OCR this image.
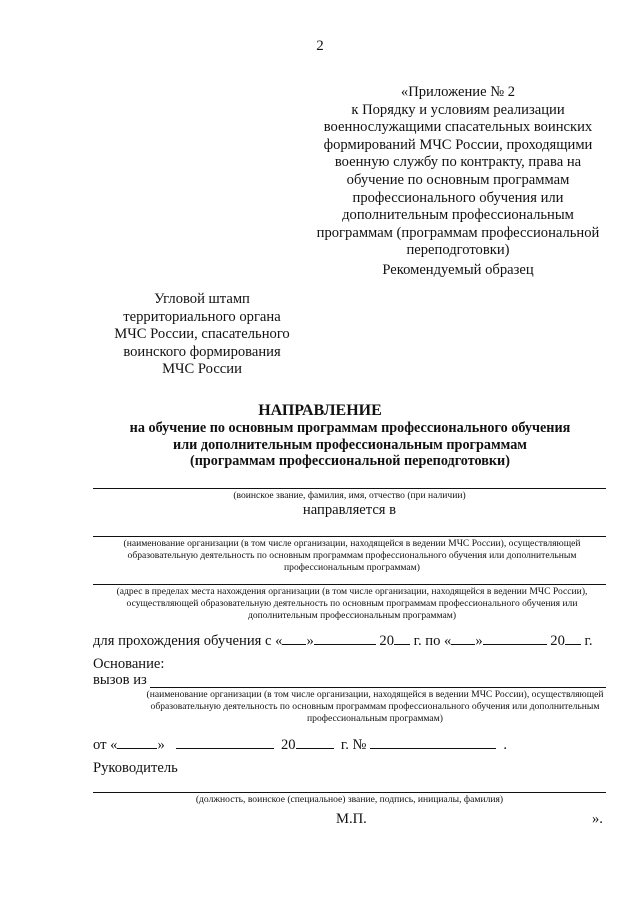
2
«Приложение № 2
к Порядку и условиям реализации
военнослужащими спасательных воинских
формирований МЧС России, проходящими
военную службу по контракту, права на
обучение по основным программам
профессионального обучения или
дополнительным профессиональным
программам (программам профессиональной
переподготовки)
Рекомендуемый образец
Угловой штамп
территориального органа
МЧС России, спасательного
воинского формирования
МЧС России
НАПРАВЛЕНИЕ
на обучение по основным программам профессионального обучения
или дополнительным профессиональным программам
(программам профессиональной переподготовки)
(воинское звание, фамилия, имя, отчество (при наличии)
направляется в
(наименование организации (в том числе организации, находящейся в ведении МЧС России), осуществляющей образовательную деятельность по основным программам профессионального обучения или дополнительным профессиональным программам)
(адрес в пределах места нахождения организации (в том числе организации, находящейся в ведении МЧС России), осуществляющей образовательную деятельность по основным программам профессионального обучения или дополнительным профессиональным программам)
для прохождения обучения с « »	20 г. по « »	20 г.
Основание:
вызов из
(наименование организации (в том числе организации, находящейся в ведении МЧС России), осуществляющей образовательную деятельность по основным программам профессионального обучения или дополнительным профессиональным программам)
от «	»	20	г. №	.
Руководитель
(должность, воинское (специальное) звание, подпись, инициалы, фамилия)
М.П.	».
